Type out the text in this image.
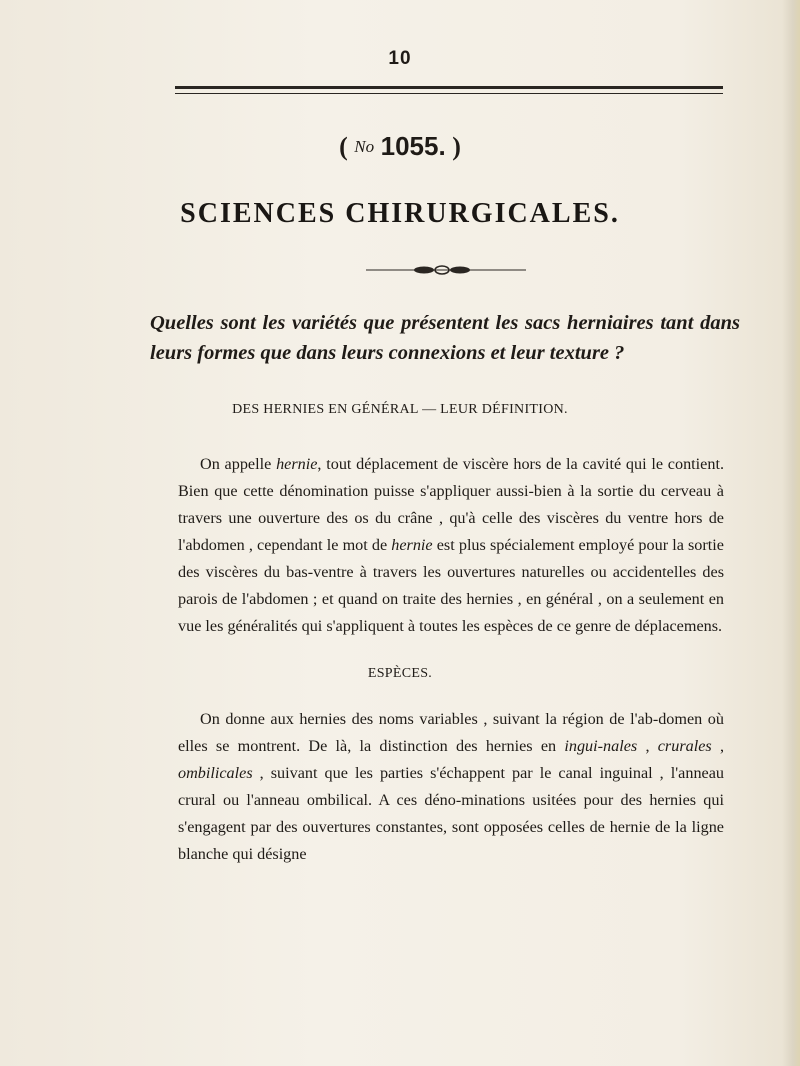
10
( No 1055. )
SCIENCES CHIRURGICALES.
Quelles sont les variétés que présentent les sacs herniaires tant dans leurs formes que dans leurs connexions et leur texture ?
DES HERNIES EN GÉNÉRAL — LEUR DÉFINITION.
On appelle hernie, tout déplacement de viscère hors de la cavité qui le contient. Bien que cette dénomination puisse s'appliquer aussi-bien à la sortie du cerveau à travers une ouverture des os du crâne , qu'à celle des viscères du ventre hors de l'abdomen , cependant le mot de hernie est plus spécialement employé pour la sortie des viscères du bas-ventre à travers les ouvertures naturelles ou accidentelles des parois de l'abdomen ; et quand on traite des hernies , en général , on a seulement en vue les généralités qui s'appliquent à toutes les espèces de ce genre de déplacemens.
ESPÈCES.
On donne aux hernies des noms variables , suivant la région de l'ab-domen où elles se montrent. De là, la distinction des hernies en ingui-nales , crurales , ombilicales , suivant que les parties s'échappent par le canal inguinal , l'anneau crural ou l'anneau ombilical. A ces déno-minations usitées pour des hernies qui s'engagent par des ouvertures constantes, sont opposées celles de hernie de la ligne blanche qui désigne
